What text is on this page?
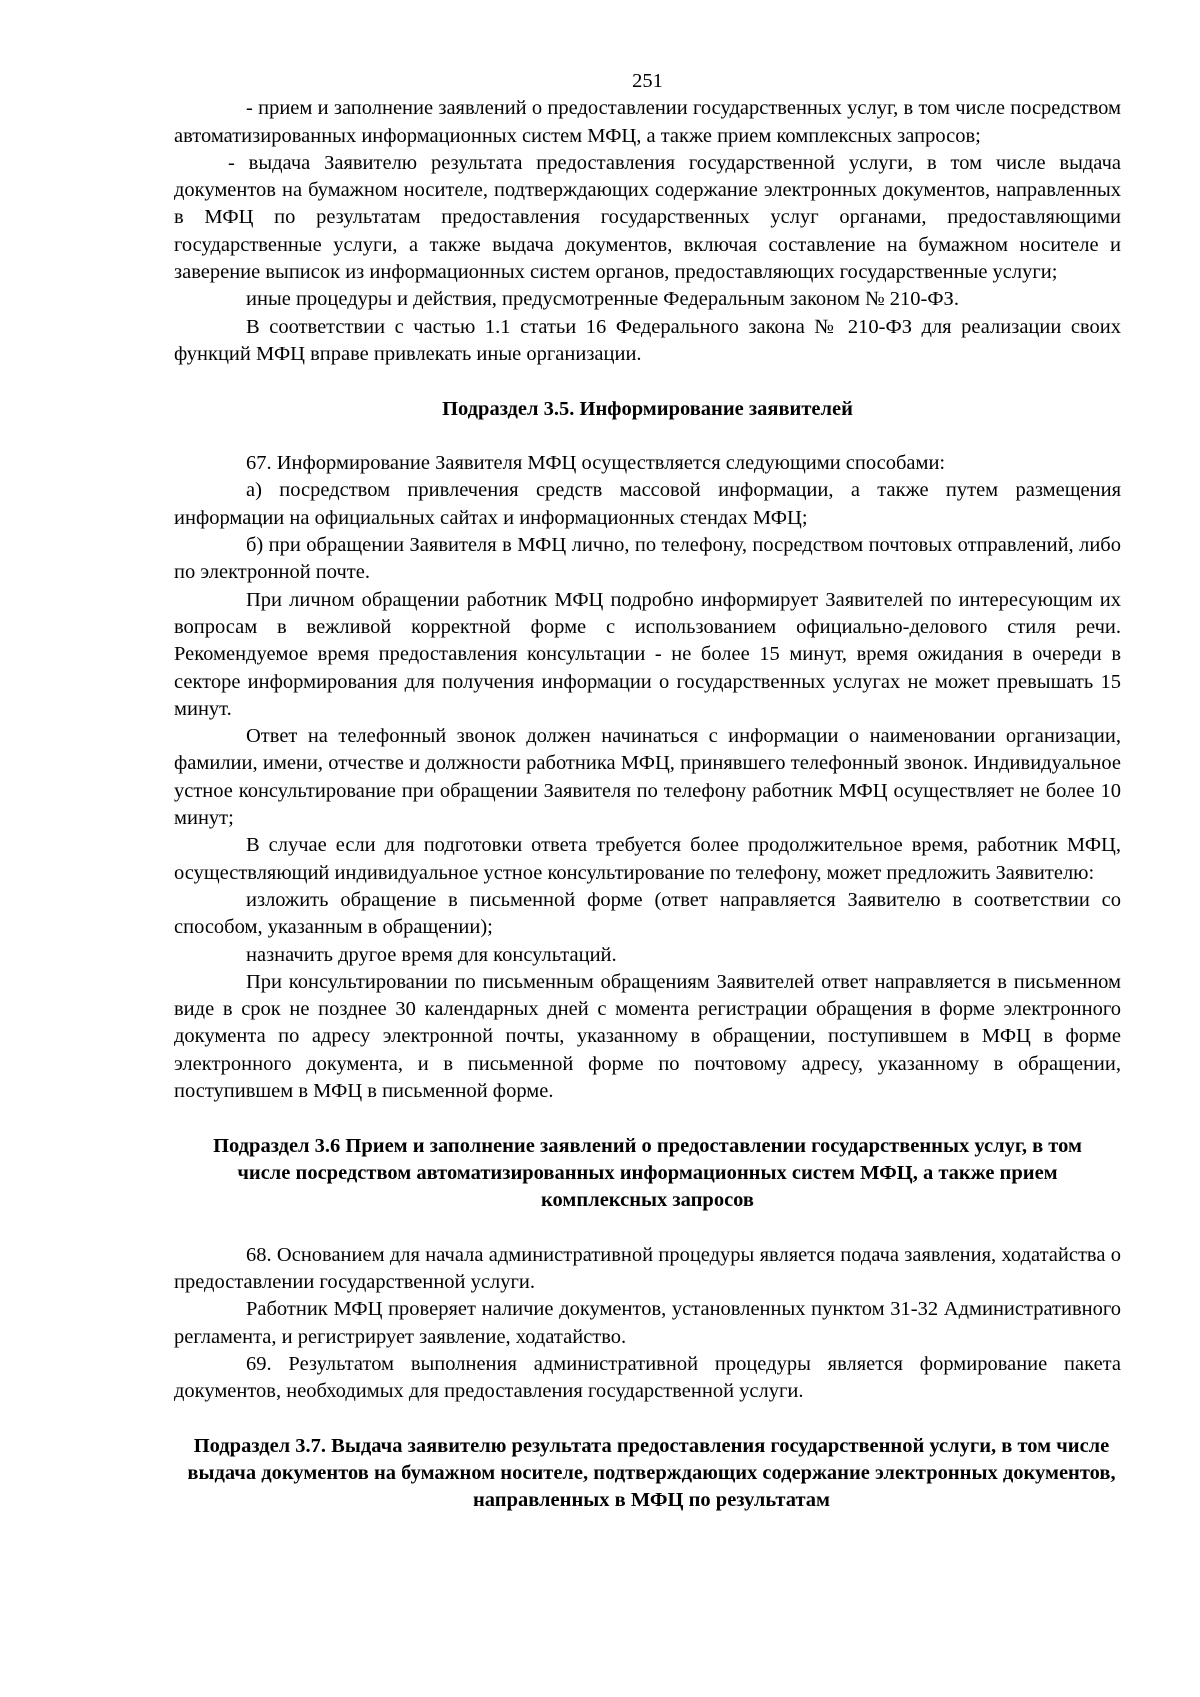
251

- прием и заполнение заявлений о предоставлении государственных услуг, в том числе посредством автоматизированных информационных систем МФЦ, а также прием комплексных запросов;

- выдача Заявителю результата предоставления государственной услуги, в том числе выдача документов на бумажном носителе, подтверждающих содержание электронных документов, направленных в МФЦ по результатам предоставления государственных услуг органами, предоставляющими государственные услуги, а также выдача документов, включая составление на бумажном носителе и заверение выписок из информационных систем органов, предоставляющих государственные услуги;

иные процедуры и действия, предусмотренные Федеральным законом № 210-ФЗ.

В соответствии с частью 1.1 статьи 16 Федерального закона № 210-ФЗ для реализации своих функций МФЦ вправе привлекать иные организации.

Подраздел 3.5. Информирование заявителей

67. Информирование Заявителя МФЦ осуществляется следующими способами:

а) посредством привлечения средств массовой информации, а также путем размещения информации на официальных сайтах и информационных стендах МФЦ;

б) при обращении Заявителя в МФЦ лично, по телефону, посредством почтовых отправлений, либо по электронной почте.

При личном обращении работник МФЦ подробно информирует Заявителей по интересующим их вопросам в вежливой корректной форме с использованием официально-делового стиля речи. Рекомендуемое время предоставления консультации - не более 15 минут, время ожидания в очереди в секторе информирования для получения информации о государственных услугах не может превышать 15 минут.

Ответ на телефонный звонок должен начинаться с информации о наименовании организации, фамилии, имени, отчестве и должности работника МФЦ, принявшего телефонный звонок. Индивидуальное устное консультирование при обращении Заявителя по телефону работник МФЦ осуществляет не более 10 минут;

В случае если для подготовки ответа требуется более продолжительное время, работник МФЦ, осуществляющий индивидуальное устное консультирование по телефону, может предложить Заявителю:

изложить обращение в письменной форме (ответ направляется Заявителю в соответствии со способом, указанным в обращении);

назначить другое время для консультаций.

При консультировании по письменным обращениям Заявителей ответ направляется в письменном виде в срок не позднее 30 календарных дней с момента регистрации обращения в форме электронного документа по адресу электронной почты, указанному в обращении, поступившем в МФЦ в форме электронного документа, и в письменной форме по почтовому адресу, указанному в обращении, поступившем в МФЦ в письменной форме.

Подраздел 3.6 Прием и заполнение заявлений о предоставлении государственных услуг, в том числе посредством автоматизированных информационных систем МФЦ, а также прием комплексных запросов

68. Основанием для начала административной процедуры является подача заявления, ходатайства о предоставлении государственной услуги.

Работник МФЦ проверяет наличие документов, установленных пунктом 31-32 Административного регламента, и регистрирует заявление, ходатайство.

69. Результатом выполнения административной процедуры является формирование пакета документов, необходимых для предоставления государственной услуги.

Подраздел 3.7. Выдача заявителю результата предоставления государственной услуги, в том числе выдача документов на бумажном носителе, подтверждающих содержание электронных документов, направленных в МФЦ по результатам
